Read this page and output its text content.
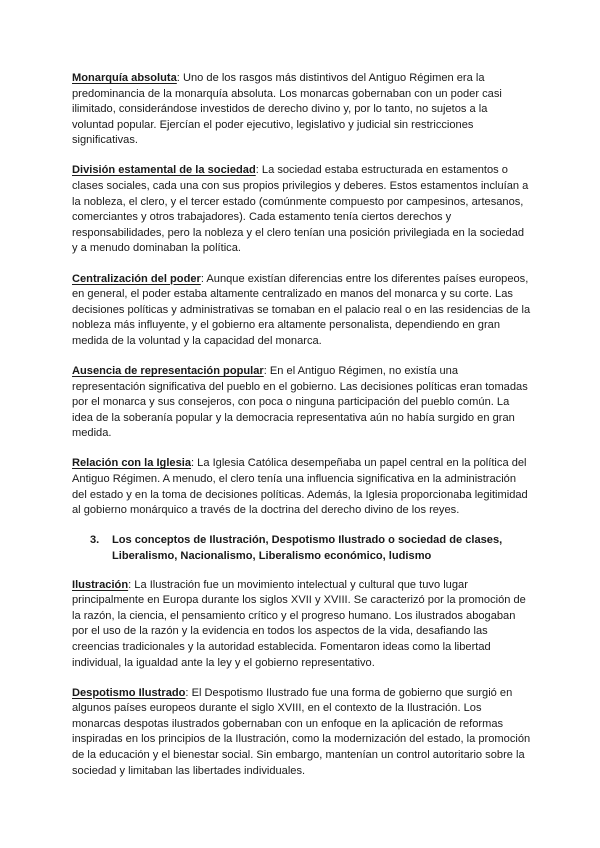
Monarquía absoluta: Uno de los rasgos más distintivos del Antiguo Régimen era la predominancia de la monarquía absoluta. Los monarcas gobernaban con un poder casi ilimitado, considerándose investidos de derecho divino y, por lo tanto, no sujetos a la voluntad popular. Ejercían el poder ejecutivo, legislativo y judicial sin restricciones significativas.

División estamental de la sociedad: La sociedad estaba estructurada en estamentos o clases sociales, cada una con sus propios privilegios y deberes. Estos estamentos incluían a la nobleza, el clero, y el tercer estado (comúnmente compuesto por campesinos, artesanos, comerciantes y otros trabajadores). Cada estamento tenía ciertos derechos y responsabilidades, pero la nobleza y el clero tenían una posición privilegiada en la sociedad y a menudo dominaban la política.

Centralización del poder: Aunque existían diferencias entre los diferentes países europeos, en general, el poder estaba altamente centralizado en manos del monarca y su corte. Las decisiones políticas y administrativas se tomaban en el palacio real o en las residencias de la nobleza más influyente, y el gobierno era altamente personalista, dependiendo en gran medida de la voluntad y la capacidad del monarca.

Ausencia de representación popular: En el Antiguo Régimen, no existía una representación significativa del pueblo en el gobierno. Las decisiones políticas eran tomadas por el monarca y sus consejeros, con poca o ninguna participación del pueblo común. La idea de la soberanía popular y la democracia representativa aún no había surgido en gran medida.

Relación con la Iglesia: La Iglesia Católica desempeñaba un papel central en la política del Antiguo Régimen. A menudo, el clero tenía una influencia significativa en la administración del estado y en la toma de decisiones políticas. Además, la Iglesia proporcionaba legitimidad al gobierno monárquico a través de la doctrina del derecho divino de los reyes.

3.	Los conceptos de Ilustración, Despotismo Ilustrado o sociedad de clases, Liberalismo, Nacionalismo, Liberalismo económico, ludismo

Ilustración: La Ilustración fue un movimiento intelectual y cultural que tuvo lugar principalmente en Europa durante los siglos XVII y XVIII. Se caracterizó por la promoción de la razón, la ciencia, el pensamiento crítico y el progreso humano. Los ilustrados abogaban por el uso de la razón y la evidencia en todos los aspectos de la vida, desafiando las creencias tradicionales y la autoridad establecida. Fomentaron ideas como la libertad individual, la igualdad ante la ley y el gobierno representativo.

Despotismo Ilustrado: El Despotismo Ilustrado fue una forma de gobierno que surgió en algunos países europeos durante el siglo XVIII, en el contexto de la Ilustración. Los monarcas despotas ilustrados gobernaban con un enfoque en la aplicación de reformas inspiradas en los principios de la Ilustración, como la modernización del estado, la promoción de la educación y el bienestar social. Sin embargo, mantenían un control autoritario sobre la sociedad y limitaban las libertades individuales.
